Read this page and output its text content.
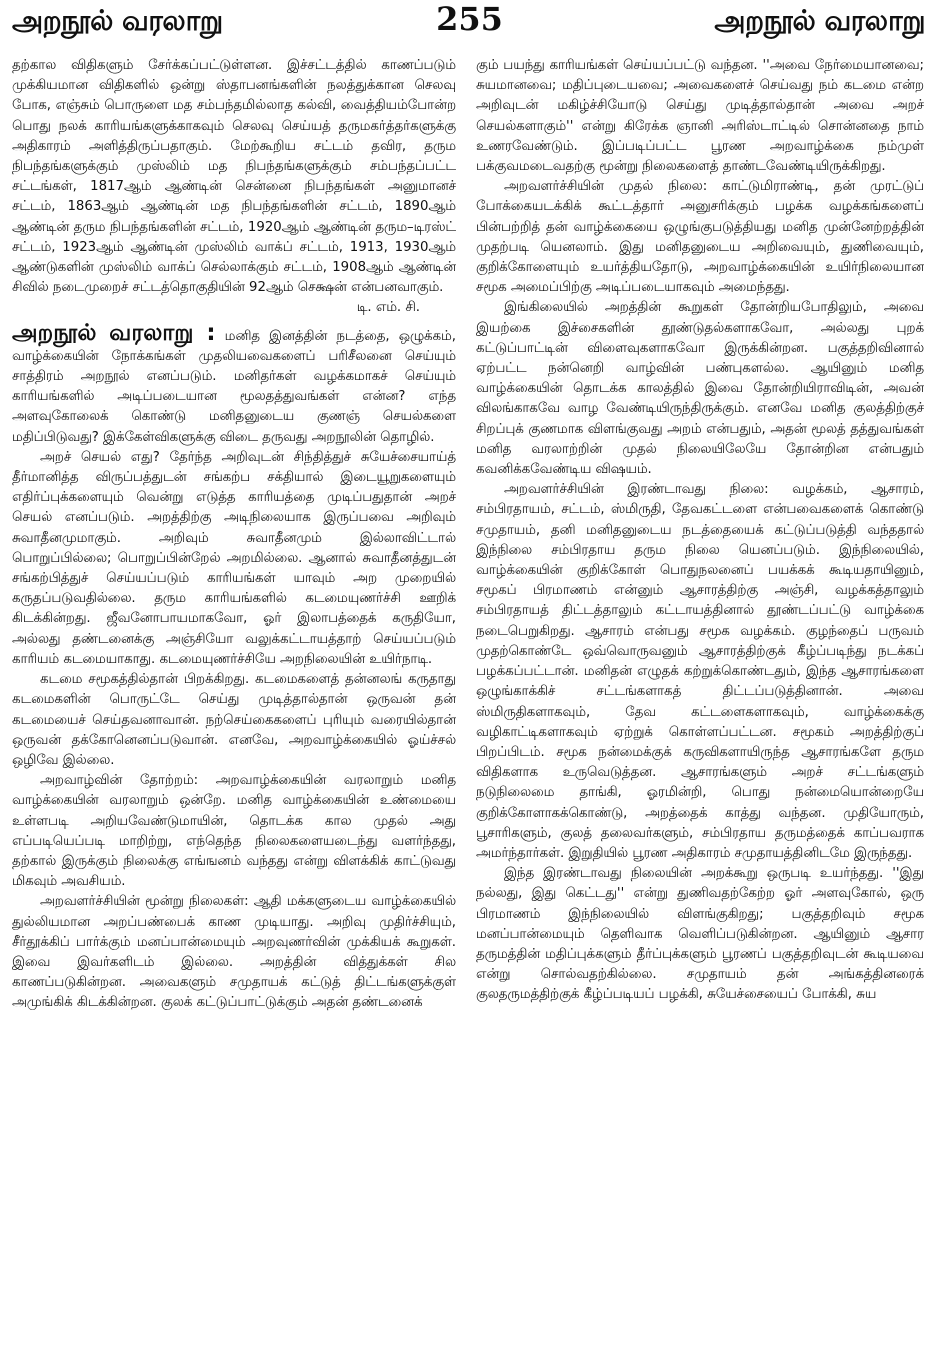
அறநூல் வரலாறு	255	அறநூல் வரலாறு

தற்கால விதிகளும் சேர்க்கப்பட்டுள்ளன. இச்சட்டத்தில் காணப்படும் முக்கியமான விதிகளில் ஒன்று ஸ்தாபனங்களின் நலத்துக்கான செலவு போக, எஞ்சும் பொருளை மத சம்பந்தமில்லாத கல்வி, வைத்தியம்போன்ற பொது நலக் காரியங்களுக்காகவும் செலவு செய்யத் தருமகர்த்தர்களுக்கு அதிகாரம் அளித்திருப்பதாகும். மேற்கூறிய சட்டம் தவிர, தரும நிபந்தங்களுக்கும் முஸ்லிம் மத நிபந்தங்களுக்கும் சம்பந்தப்பட்ட சட்டங்கள், 1817ஆம் ஆண்டின் சென்னை நிபந்தங்கள் அனுமானச் சட்டம், 1863ஆம் ஆண்டின் மத நிபந்தங்களின் சட்டம், 1890ஆம் ஆண்டின் தரும நிபந்தங்களின் சட்டம், 1920ஆம் ஆண்டின் தரும–டிரஸ்ட் சட்டம், 1923ஆம் ஆண்டின் முஸ்லிம் வாக்ப் சட்டம், 1913, 1930ஆம் ஆண்டுகளின் முஸ்லிம் வாக்ப் செல்லாக்கும் சட்டம், 1908ஆம் ஆண்டின் சிவில் நடைமுறைச் சட்டத்தொகுதியின் 92ஆம் செக்ஷன் என்பனவாகும்.

டி. எம். சி.

அறநூல் வரலாறு : மனித இனத்தின் நடத்தை, ஒழுக்கம், வாழ்க்கையின் நோக்கங்கள் முதலியவைகளைப் பரிசீலனை செய்யும் சாத்திரம் அறநூல் எனப்படும். மனிதர்கள் வழக்கமாகச் செய்யும் காரியங்களில் அடிப்படையான மூலதத்துவங்கள் என்ன? எந்த அளவுகோலைக் கொண்டு மனிதனுடைய குணஞ் செயல்களை மதிப்பிடுவது? இக்கேள்விகளுக்கு விடை தருவது அறநூலின் தொழில்.

அறச் செயல் எது? தேர்ந்த அறிவுடன் சிந்தித்துச் சுயேச்சையாய்த் தீர்மானித்த விருப்பத்துடன் சங்கற்ப சக்தியால் இடையூறுகளையும் எதிர்ப்புக்களையும் வென்று எடுத்த காரியத்தை முடிப்பதுதான் அறச் செயல் எனப்படும். அறத்திற்கு அடிநிலையாக இருப்பவை அறிவும் சுவாதீனமுமாகும். அறிவும் சுவாதீனமும் இல்லாவிட்டால் பொறுப்பில்லை; பொறுப்பின்றேல் அறமில்லை. ஆனால் சுவாதீனத்துடன் சங்கற்பித்துச் செய்யப்படும் காரியங்கள் யாவும் அற முறையில் கருதப்படுவதில்லை. தரும காரியங்களில் கடமையுணர்ச்சி ஊறிக் கிடக்கின்றது. ஜீவனோபாயமாகவோ, ஓர் இலாபத்தைக் கருதியோ, அல்லது தண்டனைக்கு அஞ்சியோ வலுக்கட்டாயத்தாற் செய்யப்படும் காரியம் கடமையாகாது. கடமையுணர்ச்சியே அறநிலையின் உயிர்நாடி.

கடமை சமூகத்தில்தான் பிறக்கிறது. கடமைகளைத் தன்னலங் கருதாது கடமைகளின் பொருட்டே செய்து முடித்தால்தான் ஒருவன் தன் கடமையைச் செய்தவனாவான். நற்செய்கைகளைப் புரியும் வரையில்தான் ஒருவன் தக்கோனெனப்படுவான். எனவே, அறவாழ்க்கையில் ஓய்ச்சல் ஒழிவே இல்லை.

அறவாழ்வின் தோற்றம்: அறவாழ்க்கையின் வரலாறும் மனித வாழ்க்கையின் வரலாறும் ஒன்றே. மனித வாழ்க்கையின் உண்மையை உள்ளபடி அறியவேண்டுமாயின், தொடக்க கால முதல் அது எப்படியெப்படி மாறிற்று, எந்தெந்த நிலைகளையடைந்து வளர்ந்தது, தற்கால் இருக்கும் நிலைக்கு எங்ஙனம் வந்தது என்று விளக்கிக் காட்டுவது மிகவும் அவசியம்.

அறவளர்ச்சியின் மூன்று நிலைகள்: ஆதி மக்களுடைய வாழ்க்கையில் துல்லியமான அறப்பண்பைக் காண முடியாது. அறிவு முதிர்ச்சியும், சீர்தூக்கிப் பார்க்கும் மனப்பான்மையும் அறவுணர்வின் முக்கியக் கூறுகள். இவை இவர்களிடம் இல்லை. அறத்தின் வித்துக்கள் சில காணப்படுகின்றன. அவைகளும் சமுதாயக் கட்டுத் திட்டங்களுக்குள் அமுங்கிக் கிடக்கின்றன. குலக் கட்டுப்பாட்டுக்கும் அதன் தண்டனைக்

கும் பயந்து காரியங்கள் செய்யப்பட்டு வந்தன. ''அவை நேர்மையானவை; சுயமானவை; மதிப்புடையவை; அவைகளைச் செய்வது நம் கடமை என்ற அறிவுடன் மகிழ்ச்சியோடு செய்து முடித்தால்தான் அவை அறச் செயல்களாகும்'' என்று கிரேக்க ஞானி அரிஸ்டாட்டில் சொன்னதை நாம் உணரவேண்டும். இப்படிப்பட்ட பூரண அறவாழ்க்கை நம்முள் பக்குவமடைவதற்கு மூன்று நிலைகளைத் தாண்டவேண்டியிருக்கிறது.

அறவளர்ச்சியின் முதல் நிலை: காட்டுமிராண்டி, தன் முரட்டுப் போக்கையடக்கிக் கூட்டத்தார் அனுசரிக்கும் பழக்க வழக்கங்களைப் பின்பற்றித் தன் வாழ்க்கையை ஒழுங்குபடுத்தியது மனித முன்னேற்றத்தின் முதற்படி யெனலாம். இது மனிதனுடைய அறிவையும், துணிவையும், குறிக்கோளையும் உயர்த்தியதோடு, அறவாழ்க்கையின் உயிர்நிலையான சமூக அமைப்பிற்கு அடிப்படையாகவும் அமைந்தது.

இங்கிலையில் அறத்தின் கூறுகள் தோன்றியபோதிலும், அவை இயற்கை இச்சைகளின் தூண்டுதல்களாகவோ, அல்லது புறக் கட்டுப்பாட்டின் விளைவுகளாகவோ இருக்கின்றன. பகுத்தறிவினால் ஏற்பட்ட நன்னெறி வாழ்வின் பண்புகளல்ல. ஆயினும் மனித வாழ்க்கையின் தொடக்க காலத்தில் இவை தோன்றியிராவிடின், அவன் விலங்காகவே வாழ வேண்டியிருந்திருக்கும். எனவே மனித குலத்திற்குச் சிறப்புக் குணமாக விளங்குவது அறம் என்பதும், அதன் மூலத் தத்துவங்கள் மனித வரலாற்றின் முதல் நிலையிலேயே தோன்றின என்பதும் கவனிக்கவேண்டிய விஷயம்.

அறவளர்ச்சியின் இரண்டாவது நிலை: வழக்கம், ஆசாரம், சம்பிரதாயம், சட்டம், ஸ்மிருதி, தேவகட்டளை என்பவைகளைக் கொண்டு சமுதாயம், தனி மனிதனுடைய நடத்தையைக் கட்டுப்படுத்தி வந்ததால் இந்நிலை சம்பிரதாய தரும நிலை யெனப்படும். இந்நிலையில், வாழ்க்கையின் குறிக்கோள் பொதுநலனைப் பயக்கக் கூடியதாயினும், சமூகப் பிரமாணம் என்னும் ஆசாரத்திற்கு அஞ்சி, வழக்கத்தாலும் சம்பிரதாயத் திட்டத்தாலும் கட்டாயத்தினால் தூண்டப்பட்டு வாழ்க்கை நடைபெறுகிறது. ஆசாரம் என்பது சமூக வழக்கம். குழந்தைப் பருவம் முதற்கொண்டே ஒவ்வொருவனும் ஆசாரத்திற்குக் கீழ்ப்படிந்து நடக்கப் பழக்கப்பட்டான். மனிதன் எழுதக் கற்றுக்கொண்டதும், இந்த ஆசாரங்களை ஒழுங்காக்கிச் சட்டங்களாகத் திட்டப்படுத்தினான். அவை ஸ்மிருதிகளாகவும், தேவ கட்டளைகளாகவும், வாழ்க்கைக்கு வழிகாட்டிகளாகவும் ஏற்றுக் கொள்ளப்பட்டன. சமூகம் அறத்திற்குப் பிறப்பிடம். சமூக நன்மைக்குக் கருவிகளாயிருந்த ஆசாரங்களே தரும விதிகளாக உருவெடுத்தன. ஆசாரங்களும் அறச் சட்டங்களும் நடுநிலைமை தாங்கி, ஓரமின்றி, பொது நன்மையொன்றையே குறிக்கோளாகக்கொண்டு, அறத்தைக் காத்து வந்தன. முதியோரும், பூசாரிகளும், குலத் தலைவர்களும், சம்பிரதாய தருமத்தைக் காப்பவராக அமர்ந்தார்கள். இறுதியில் பூரண அதிகாரம் சமுதாயத்தினிடமே இருந்தது.

இந்த இரண்டாவது நிலையின் அறக்கூறு ஒருபடி உயர்ந்தது. ''இது நல்லது, இது கெட்டது'' என்று துணிவதற்கேற்ற ஓர் அளவுகோல், ஒரு பிரமாணம் இந்நிலையில் விளங்குகிறது; பகுத்தறிவும் சமூக மனப்பான்மையும் தெளிவாக வெளிப்படுகின்றன. ஆயினும் ஆசார தருமத்தின் மதிப்புக்களும் தீர்ப்புக்களும் பூரணப் பகுத்தறிவுடன் கூடியவை என்று சொல்வதற்கில்லை. சமுதாயம் தன் அங்கத்தினரைக் குலதருமத்திற்குக் கீழ்ப்படியப் பழக்கி, சுயேச்சையைப் போக்கி, சுய
